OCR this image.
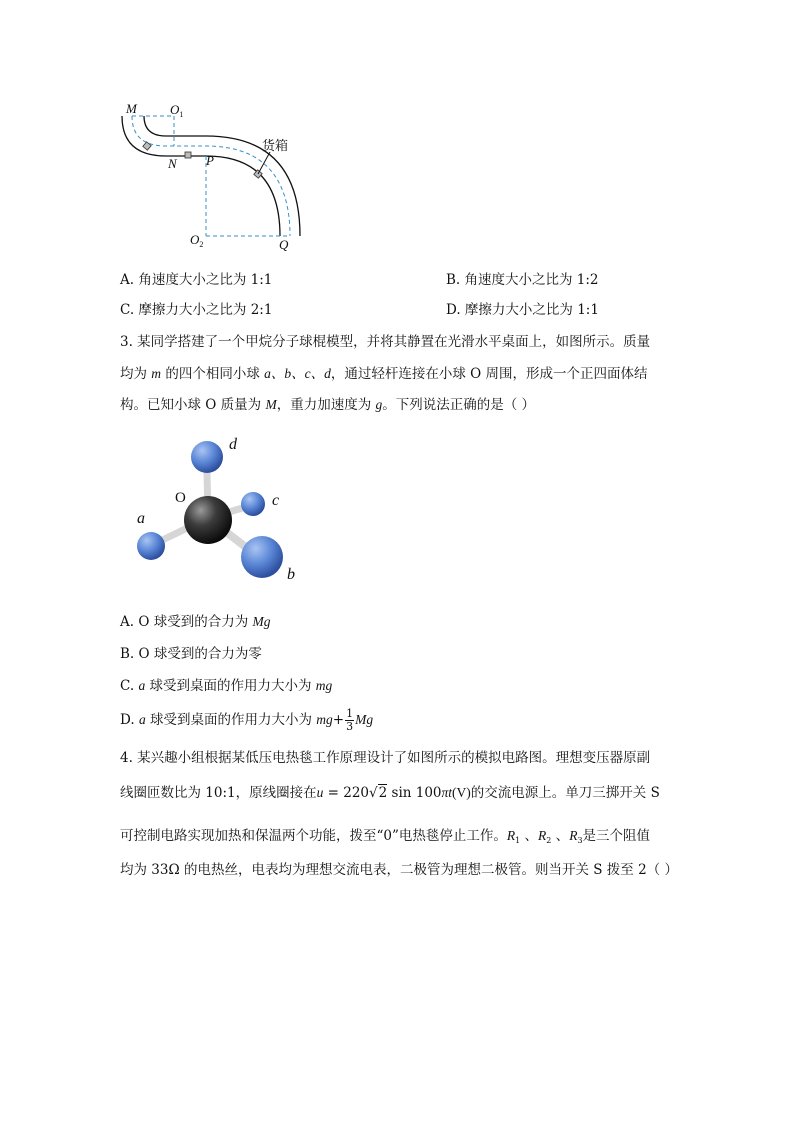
M	$O_1$
N P
$O_2$	Q
货箱
A. 角速度大小之比为 1:1	B. 角速度大小之比为 1:2
C. 摩擦力大小之比为 2:1	D. 摩擦力大小之比为 1:1
3. 某同学搭建了一个甲烷分子球棍模型，并将其静置在光滑水平桌面上，如图所示。质量
均为 m 的四个相同小球 a、b、c、d，通过轻杆连接在小球 O 周围，形成一个正四面体结
构。已知小球 O 质量为 M，重力加速度为 g。下列说法正确的是（ ）
d
O	c
a
b
A. O 球受到的合力为 Mg
B. O 球受到的合力为零
C. a 球受到桌面的作用力大小为 mg
D. a 球受到桌面的作用力大小为 $mg+ \frac{1}{3}$ Mg
4. 某兴趣小组根据某低压电热毯工作原理设计了如图所示的模拟电路图。理想变压器原副
线圈匝数比为 10:1，原线圈接在u = 220√2 sin 100πt(V)的交流电源上。单刀三掷开关 S
可控制电路实现加热和保温两个功能，拨至“0”电热毯停止工作。$R_1$ 、$R_2$ 、$R_3$是三个阻值
均为 33Ω 的电热丝，电表均为理想交流电表，二极管为理想二极管。则当开关 S 拨至 2（ ）
